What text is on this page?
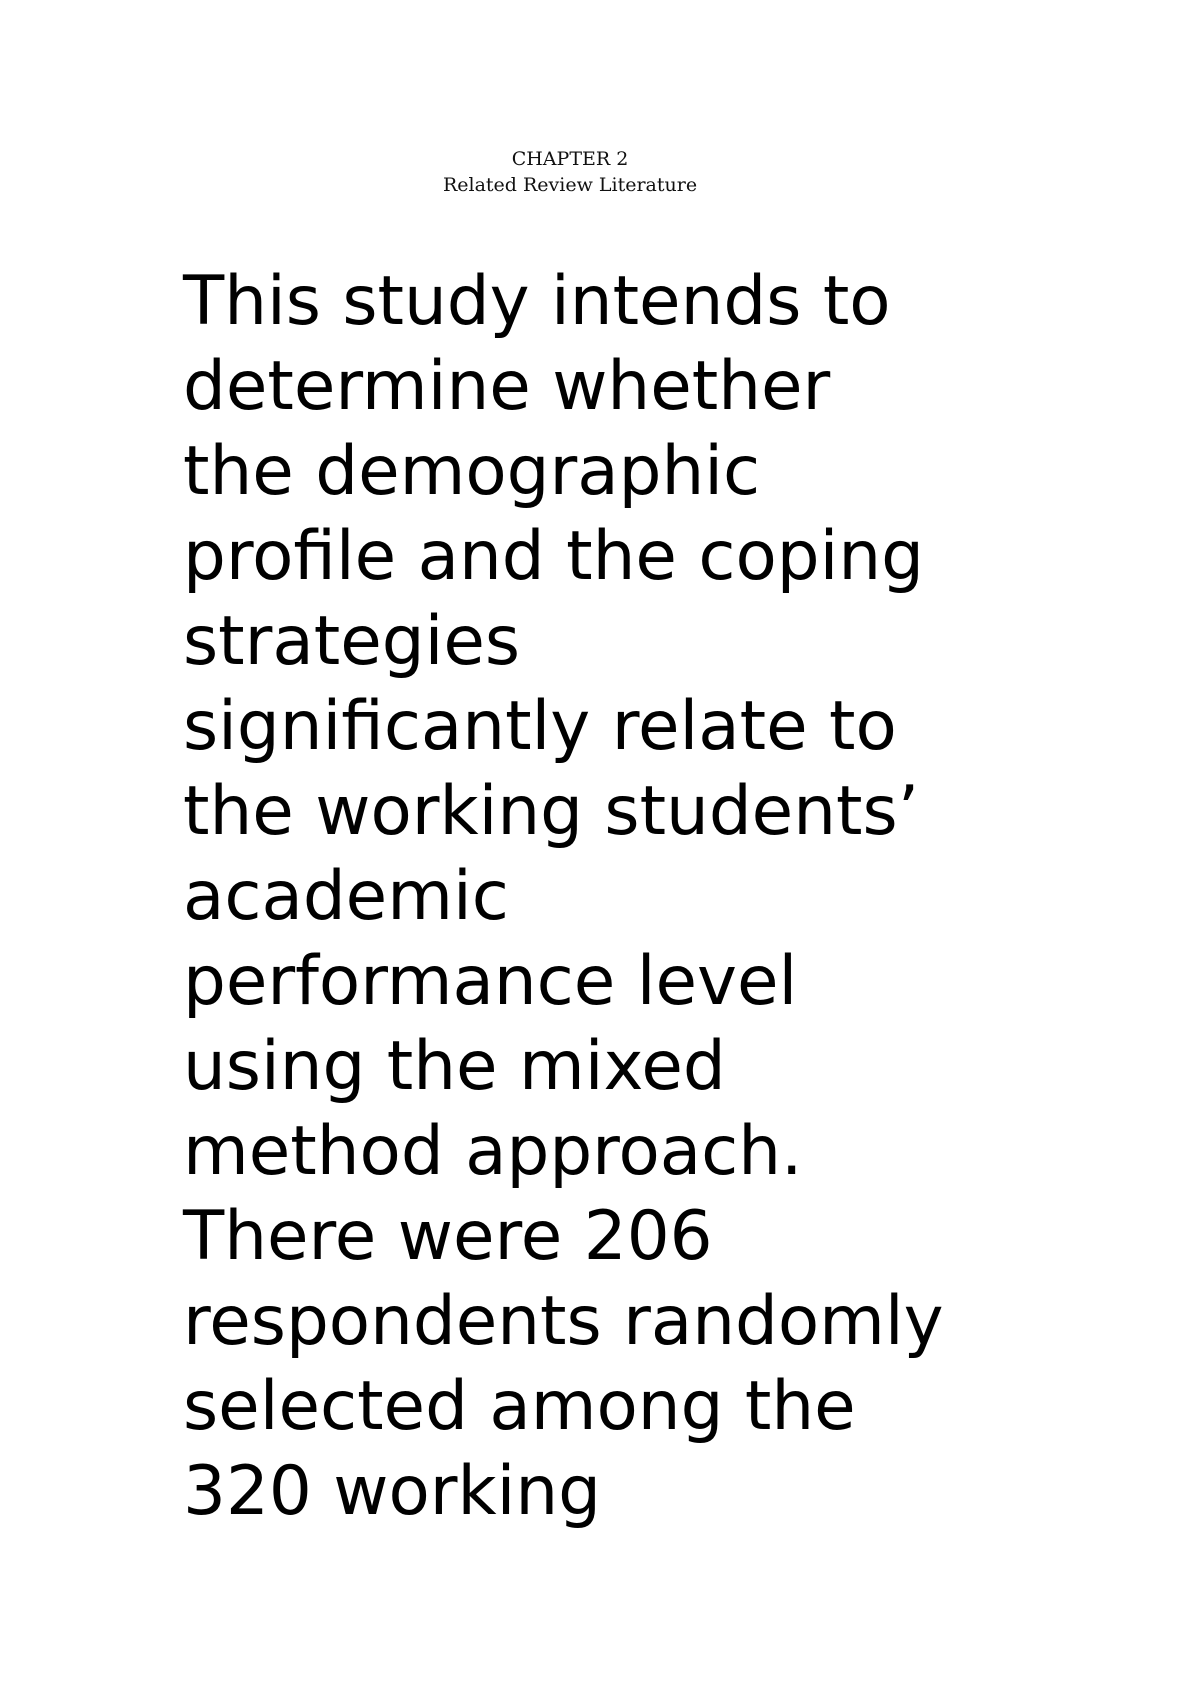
CHAPTER 2
Related Review Literature

This study intends to
determine whether
the demographic
profile and the coping
strategies
significantly relate to
the working students’
academic
performance level
using the mixed
method approach.
There were 206
respondents randomly
selected among the
320 working
